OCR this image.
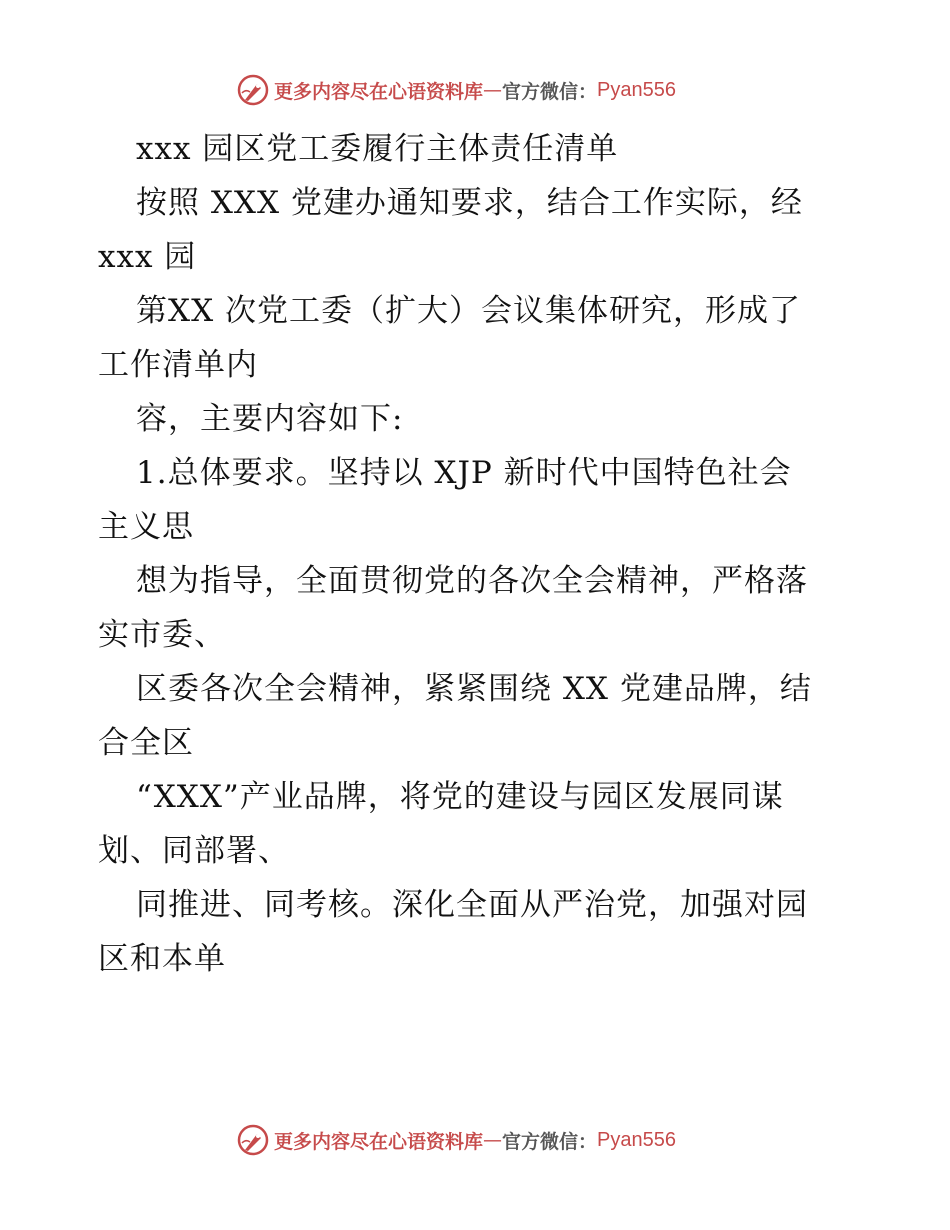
更多内容尽在心语资料库 — 官方微信： Pyan556
xxx 园区党工委履行主体责任清单
按照 XXX 党建办通知要求，结合工作实际，经
xxx 园
第XX 次党工委（扩大）会议集体研究，形成了
工作清单内
容，主要内容如下:
1.总体要求。坚持以 XJP 新时代中国特色社会
主义思
想为指导，全面贯彻党的各次全会精神，严格落
实市委、
区委各次全会精神，紧紧围绕 XX 党建品牌，结
合全区
“XXX”产业品牌，将党的建设与园区发展同谋
划、同部署、
同推进、同考核。深化全面从严治党，加强对园
区和本单
更多内容尽在心语资料库 — 官方微信： Pyan556
